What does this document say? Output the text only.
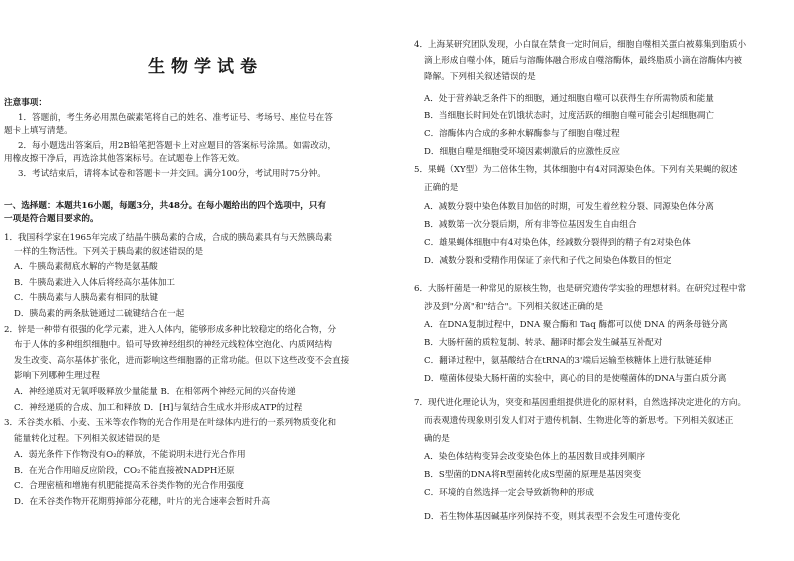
生物学试卷
注意事项：
1．答题前，考生务必用黑色碳素笔将自己的姓名、准考证号、考场号、座位号在答
题卡上填写清楚。
2．每小题选出答案后，用2B铅笔把答题卡上对应题目的答案标号涂黑。如需改动，
用橡皮擦干净后，再选涂其他答案标号。在试题卷上作答无效。
3．考试结束后，请将本试卷和答题卡一并交回。满分100分，考试用时75分钟。
一、选择题：本题共16小题，每题3分，共48分。在每小题给出的四个选项中，只有
一项是符合题目要求的。
1．我国科学家在1965年完成了结晶牛胰岛素的合成，合成的胰岛素具有与天然胰岛素
一样的生物活性。下列关于胰岛素的叙述错误的是
A．牛胰岛素彻底水解的产物是氨基酸
B．牛胰岛素进入人体后将经高尔基体加工
C．牛胰岛素与人胰岛素有相同的肽键
D．胰岛素的两条肽链通过二硫键结合在一起
2．锌是一种带有很强的化学元素，进入人体内，能够形成多种比较稳定的络化合物，分
布于人体的多种组织细胞中。铅可导致神经组织的神经元线粒体空泡化、内质网结构
发生改变、高尔基体扩张化，进而影响这些细胞器的正常功能。但以下这些改变不会直接
影响下列哪种生理过程
A．神经递质对无氧呼吸释放少量能量 B．在相邻两个神经元间的兴奋传递
C．神经递质的合成、加工和释放 D．[H]与氧结合生成水并形成ATP的过程
3．禾谷类水稻、小麦、玉米等农作物的光合作用是在叶绿体内进行的一系列物质变化和
能量转化过程。下列相关叙述错误的是
A．弱光条件下作物没有O₂的释放，不能说明未进行光合作用
B．在光合作用暗反应阶段，CO₂不能直接被NADPH还原
C．合理密植和增施有机肥能提高禾谷类作物的光合作用强度
D．在禾谷类作物开花期剪掉部分花穗，叶片的光合速率会暂时升高
4．上海某研究团队发现，小白鼠在禁食一定时间后，细胞自噬相关蛋白被募集到脂质小
滴上形成自噬小体，随后与溶酶体融合形成自噬溶酶体，最终脂质小滴在溶酶体内被
降解。下列相关叙述错误的是
A．处于营养缺乏条件下的细胞，通过细胞自噬可以获得生存所需物质和能量
B．当细胞长时间处在饥饿状态时，过度活跃的细胞自噬可能会引起细胞凋亡
C．溶酶体内合成的多种水解酶参与了细胞自噬过程
D．细胞自噬是细胞受环境因素刺激后的应激性反应
5．果蝇（XY型）为二倍体生物，其体细胞中有4对同源染色体。下列有关果蝇的叙述
正确的是
A．减数分裂中染色体数目加倍的时期，可发生着丝粒分裂、同源染色体分离
B．减数第一次分裂后期，所有非等位基因发生自由组合
C．雄果蝇体细胞中有4对染色体，经减数分裂得到的精子有2对染色体
D．减数分裂和受精作用保证了亲代和子代之间染色体数目的恒定
6．大肠杆菌是一种常见的原核生物，也是研究遗传学实验的理想材料。在研究过程中常
涉及到"分离"和"结合"。下列相关叙述正确的是
A．在DNA复制过程中，DNA 聚合酶和 Taq 酶都可以使 DNA 的两条母链分离
B．大肠杆菌的质粒复制、转录、翻译时都会发生碱基互补配对
C．翻译过程中，氨基酸结合在tRNA的3'端后运输至核糖体上进行肽链延伸
D．噬菌体侵染大肠杆菌的实验中，离心的目的是使噬菌体的DNA与蛋白质分离
7．现代进化理论认为，突变和基因重组提供进化的原材料，自然选择决定进化的方向。
而表观遗传现象则引发人们对于遗传机制、生物进化等的新思考。下列相关叙述正
确的是
A．染色体结构变异会改变染色体上的基因数目或排列顺序
B．S型菌的DNA将R型菌转化成S型菌的原理是基因突变
C．环境的自然选择一定会导致新物种的形成
D．若生物体基因碱基序列保持不变，则其表型不会发生可遗传变化
